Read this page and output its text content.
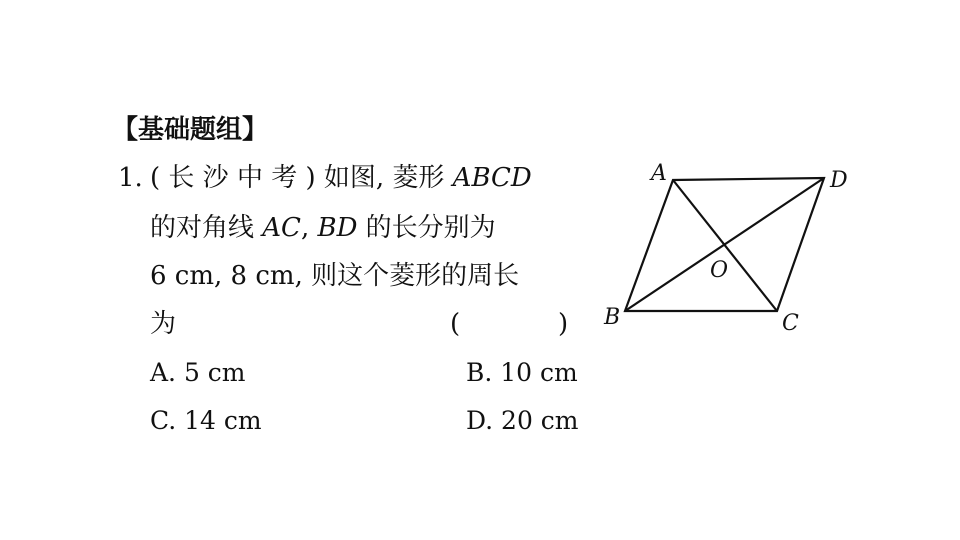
【基础题组】
1. ( 长 沙 中 考 ) 如图, 菱形 ABCD
的对角线 AC, BD 的长分别为
6 cm, 8 cm, 则这个菱形的周长
为	(	)
A. 5 cm	B. 10 cm
C. 14 cm	D. 20 cm
A	D
B	C
O
